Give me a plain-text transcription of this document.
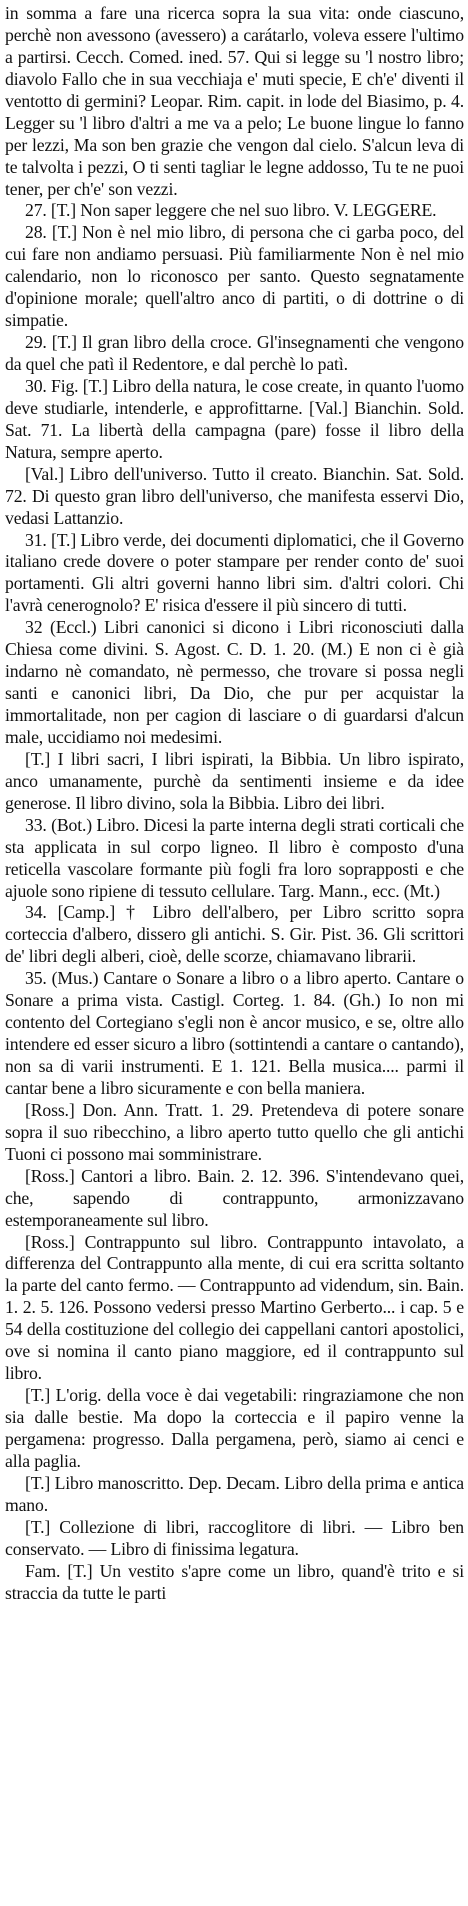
in somma a fare una ricerca sopra la sua vita: onde ciascuno, perchè non avessono (avessero) a carátarlo, voleva essere l'ultimo a partirsi. Cecch. Comed. ined. 57. Qui si legge su 'l nostro libro; diavolo Fallo che in sua vecchiaja e' muti specie, E ch'e' diventi il ventotto di germini? Leopar. Rim. capit. in lode del Biasimo, p. 4. Legger su 'l libro d'altri a me va a pelo; Le buone lingue lo fanno per lezzi, Ma son ben grazie che vengon dal cielo. S'alcun leva di te talvolta i pezzi, O ti senti tagliar le legne addosso, Tu te ne puoi tener, per ch'e' son vezzi.

27. [T.] Non saper leggere che nel suo libro. V. LEGGERE.

28. [T.] Non è nel mio libro, di persona che ci garba poco, del cui fare non andiamo persuasi. Più familiarmente Non è nel mio calendario, non lo riconosco per santo. Questo segnatamente d'opinione morale; quell'altro anco di partiti, o di dottrine o di simpatie.

29. [T.] Il gran libro della croce. Gl'insegnamenti che vengono da quel che patì il Redentore, e dal perchè lo patì.

30. Fig. [T.] Libro della natura, le cose create, in quanto l'uomo deve studiarle, intenderle, e approfittarne. [Val.] Bianchin. Sold. Sat. 71. La libertà della campagna (pare) fosse il libro della Natura, sempre aperto.

[Val.] Libro dell'universo. Tutto il creato. Bianchin. Sat. Sold. 72. Di questo gran libro dell'universo, che manifesta esservi Dio, vedasi Lattanzio.

31. [T.] Libro verde, dei documenti diplomatici, che il Governo italiano crede dovere o poter stampare per render conto de' suoi portamenti. Gli altri governi hanno libri sim. d'altri colori. Chi l'avrà cenerognolo? E' risica d'essere il più sincero di tutti.

32 (Eccl.) Libri canonici si dicono i Libri riconosciuti dalla Chiesa come divini. S. Agost. C. D. 1. 20. (M.) E non ci è già indarno nè comandato, nè permesso, che trovare si possa negli santi e canonici libri, Da Dio, che pur per acquistar la immortalitade, non per cagion di lasciare o di guardarsi d'alcun male, uccidiamo noi medesimi.

[T.] I libri sacri, I libri ispirati, la Bibbia. Un libro ispirato, anco umanamente, purchè da sentimenti insieme e da idee generose. Il libro divino, sola la Bibbia. Libro dei libri.

33. (Bot.) Libro. Dicesi la parte interna degli strati corticali che sta applicata in sul corpo ligneo. Il libro è composto d'una reticella vascolare formante più fogli fra loro soprapposti e che ajuole sono ripiene di tessuto cellulare. Targ. Mann., ecc. (Mt.)

34. [Camp.] † Libro dell'albero, per Libro scritto sopra corteccia d'albero, dissero gli antichi. S. Gir. Pist. 36. Gli scrittori de' libri degli alberi, cioè, delle scorze, chiamavano librarii.

35. (Mus.) Cantare o Sonare a libro o a libro aperto. Cantare o Sonare a prima vista. Castigl. Corteg. 1. 84. (Gh.) Io non mi contento del Cortegiano s'egli non è ancor musico, e se, oltre allo intendere ed esser sicuro a libro (sottintendi a cantare o cantando), non sa di varii instrumenti. E 1. 121. Bella musica.... parmi il cantar bene a libro sicuramente e con bella maniera.

[Ross.] Don. Ann. Tratt. 1. 29. Pretendeva di potere sonare sopra il suo ribecchino, a libro aperto tutto quello che gli antichi Tuoni ci possono mai somministrare.

[Ross.] Cantori a libro. Bain. 2. 12. 396. S'intendevano quei, che, sapendo di contrappunto, armonizzavano estemporaneamente sul libro.

[Ross.] Contrappunto sul libro. Contrappunto intavolato, a differenza del Contrappunto alla mente, di cui era scritta soltanto la parte del canto fermo. — Contrappunto ad videndum, sin. Bain. 1. 2. 5. 126. Possono vedersi presso Martino Gerberto... i cap. 5 e 54 della costituzione del collegio dei cappellani cantori apostolici, ove si nomina il canto piano maggiore, ed il contrappunto sul libro.

[T.] L'orig. della voce è dai vegetabili: ringraziamone che non sia dalle bestie. Ma dopo la corteccia e il papiro venne la pergamena: progresso. Dalla pergamena, però, siamo ai cenci e alla paglia.

[T.] Libro manoscritto. Dep. Decam. Libro della prima e antica mano.

[T.] Collezione di libri, raccoglitore di libri. — Libro ben conservato. — Libro di finissima legatura.

Fam. [T.] Un vestito s'apre come un libro, quand'è trito e si straccia da tutte le parti
